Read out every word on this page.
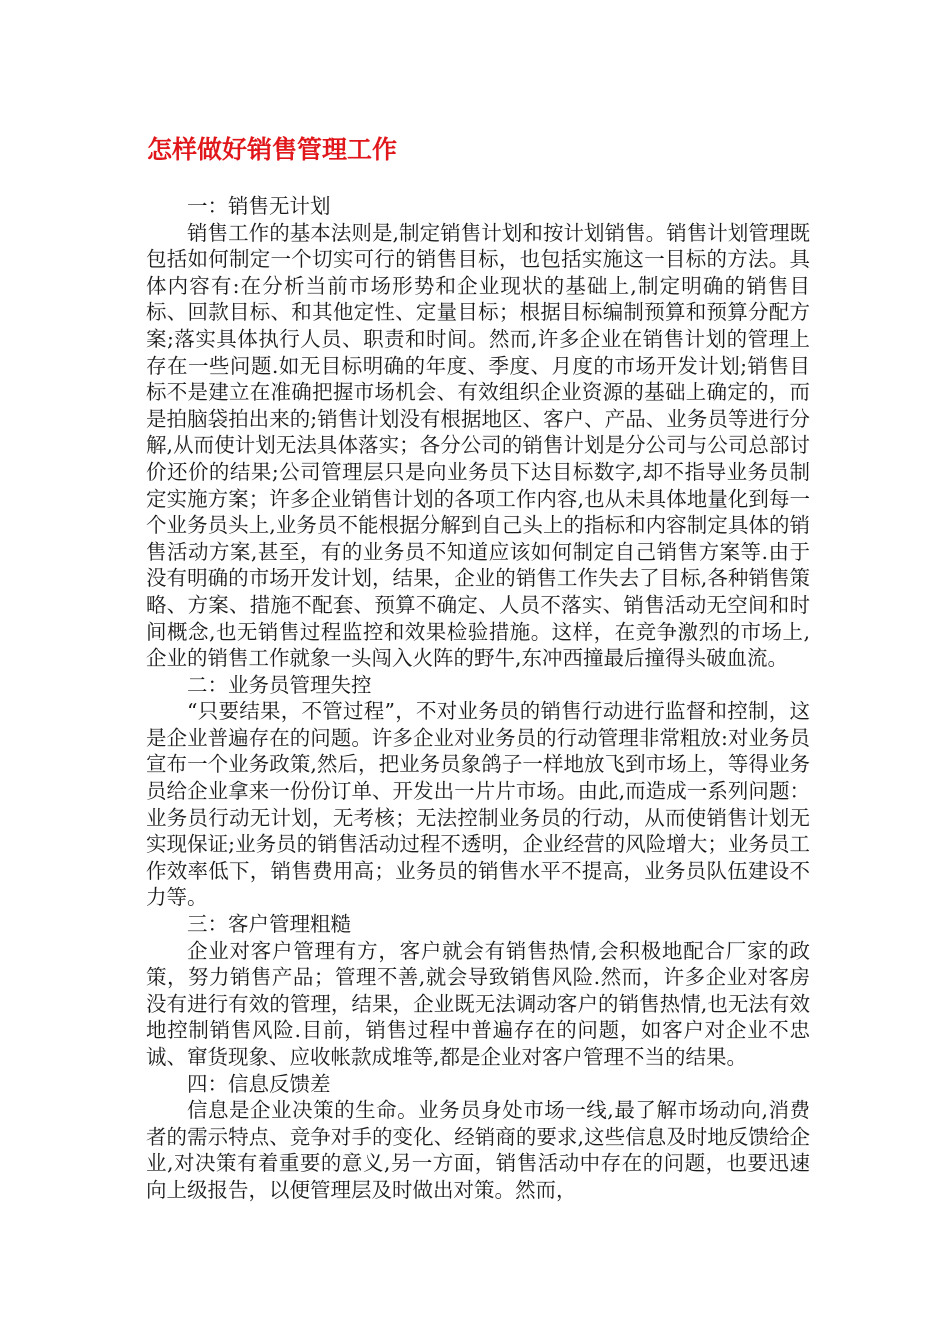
怎样做好销售管理工作

一：销售无计划

销售工作的基本法则是,制定销售计划和按计划销售。销售计划管理既包括如何制定一个切实可行的销售目标，也包括实施这一目标的方法。具体内容有:在分析当前市场形势和企业现状的基础上,制定明确的销售目标、回款目标、和其他定性、定量目标；根据目标编制预算和预算分配方案;落实具体执行人员、职责和时间。然而,许多企业在销售计划的管理上存在一些问题.如无目标明确的年度、季度、月度的市场开发计划;销售目标不是建立在准确把握市场机会、有效组织企业资源的基础上确定的，而是拍脑袋拍出来的;销售计划没有根据地区、客户、产品、业务员等进行分解,从而使计划无法具体落实；各分公司的销售计划是分公司与公司总部讨价还价的结果;公司管理层只是向业务员下达目标数字,却不指导业务员制定实施方案；许多企业销售计划的各项工作内容,也从未具体地量化到每一个业务员头上,业务员不能根据分解到自己头上的指标和内容制定具体的销售活动方案,甚至，有的业务员不知道应该如何制定自己销售方案等.由于没有明确的市场开发计划，结果，企业的销售工作失去了目标,各种销售策略、方案、措施不配套、预算不确定、人员不落实、销售活动无空间和时间概念,也无销售过程监控和效果检验措施。这样，在竞争激烈的市场上,企业的销售工作就象一头闯入火阵的野牛,东冲西撞最后撞得头破血流。

二：业务员管理失控

“只要结果，不管过程”，不对业务员的销售行动进行监督和控制，这是企业普遍存在的问题。许多企业对业务员的行动管理非常粗放:对业务员宣布一个业务政策,然后，把业务员象鸽子一样地放飞到市场上，等得业务员给企业拿来一份份订单、开发出一片片市场。由此,而造成一系列问题：业务员行动无计划，无考核；无法控制业务员的行动，从而使销售计划无实现保证;业务员的销售活动过程不透明，企业经营的风险增大；业务员工作效率低下，销售费用高；业务员的销售水平不提高，业务员队伍建设不力等。

三：客户管理粗糙

企业对客户管理有方，客户就会有销售热情,会积极地配合厂家的政策，努力销售产品；管理不善,就会导致销售风险.然而，许多企业对客房没有进行有效的管理，结果，企业既无法调动客户的销售热情,也无法有效地控制销售风险.目前，销售过程中普遍存在的问题，如客户对企业不忠诚、窜货现象、应收帐款成堆等,都是企业对客户管理不当的结果。

四：信息反馈差

信息是企业决策的生命。业务员身处市场一线,最了解市场动向,消费者的需示特点、竞争对手的变化、经销商的要求,这些信息及时地反馈给企业,对决策有着重要的意义,另一方面，销售活动中存在的问题，也要迅速向上级报告，以便管理层及时做出对策。然而，
